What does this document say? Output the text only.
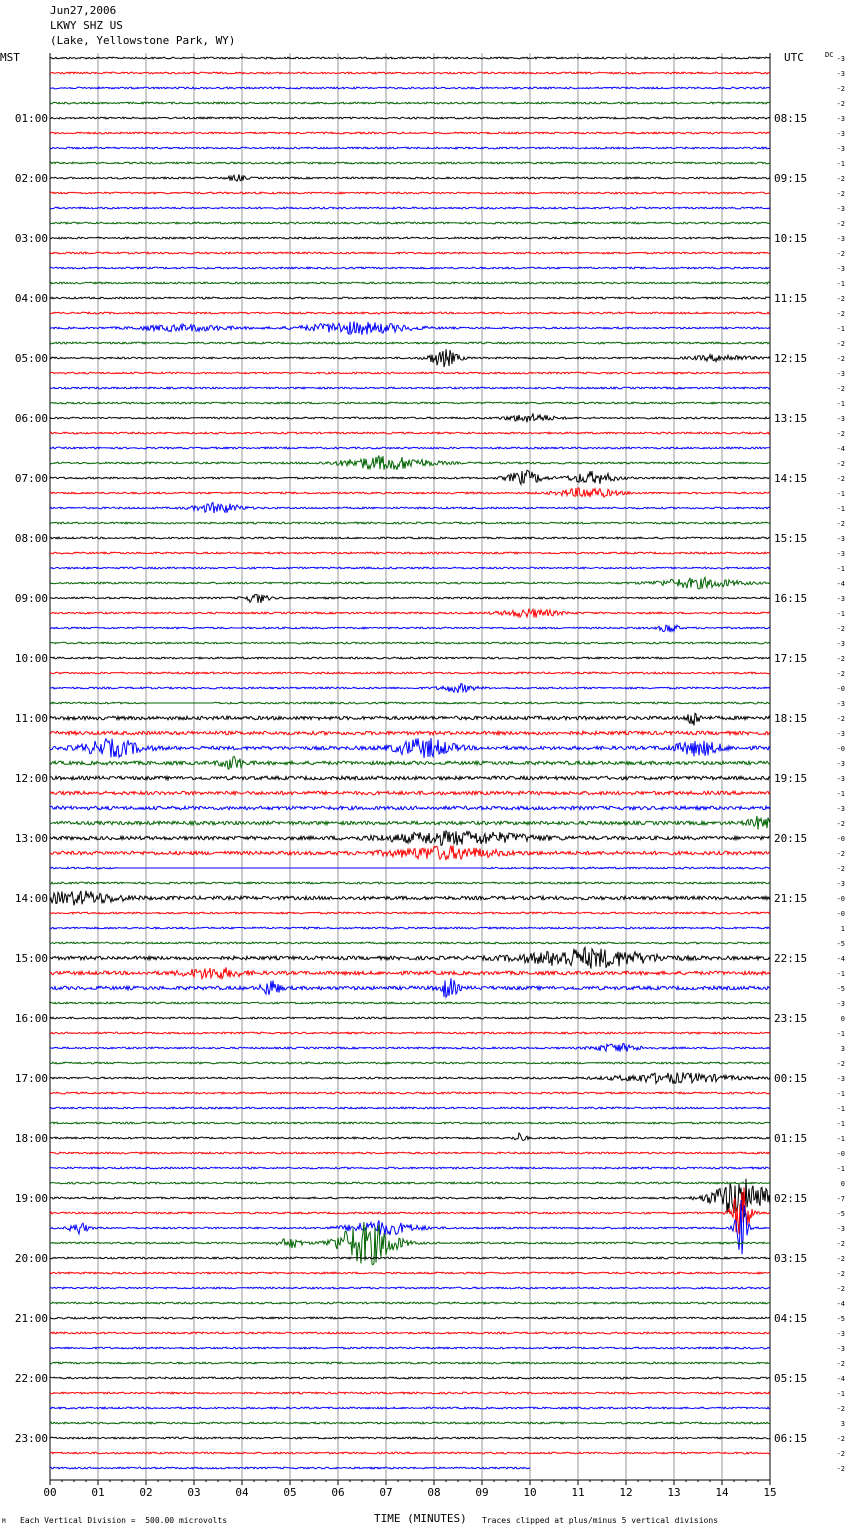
Jun27,2006
LKWY SHZ US
(Lake, Yellowstone Park, WY)
00	01	02	03	04	05	06	07	08	09	10	11	12	13	14	15
MST	UTC	DC
01:00
02:00
03:00
04:00
05:00
06:00
07:00
08:00
09:00
10:00
11:00
12:00
13:00
14:00
15:00
16:00
17:00
18:00
19:00
20:00
21:00
22:00
23:00
08:15
09:15
10:15
11:15
12:15
13:15
14:15
15:15
16:15
17:15
18:15
19:15
20:15
21:15
22:15
23:15
00:15
01:15
02:15
03:15
04:15
05:15
06:15
-3
-3
-2
-2
-3
-3
-3
-1
-2
-2
-3
-2
-3
-2
-3
-1
-2
-2
-1
-2
-2
-3
-2
-1
-3
-2
-4
-2
-2
-1
-1
-2
-3
-3
-1
-4
-3
-1
-2
-3
-2
-2
-0
-3
-2
-3
-0
-3
-3
-1
-3
-2
-0
-2
-2
-3
-0
-0
1
-5
-4
-1
-5
-3
0
-1
3
-2
-3
-1
-1
-1
-1
-0
-1
0
-7
-5
-3
-2
-2
-2
-2
-4
-5
-3
-3
-2
-4
-1
-2
3
-2
-2
-2
TIME (MINUTES)
M Each Vertical Division =  500.00 microvolts	Traces clipped at plus/minus 5 vertical divisions
